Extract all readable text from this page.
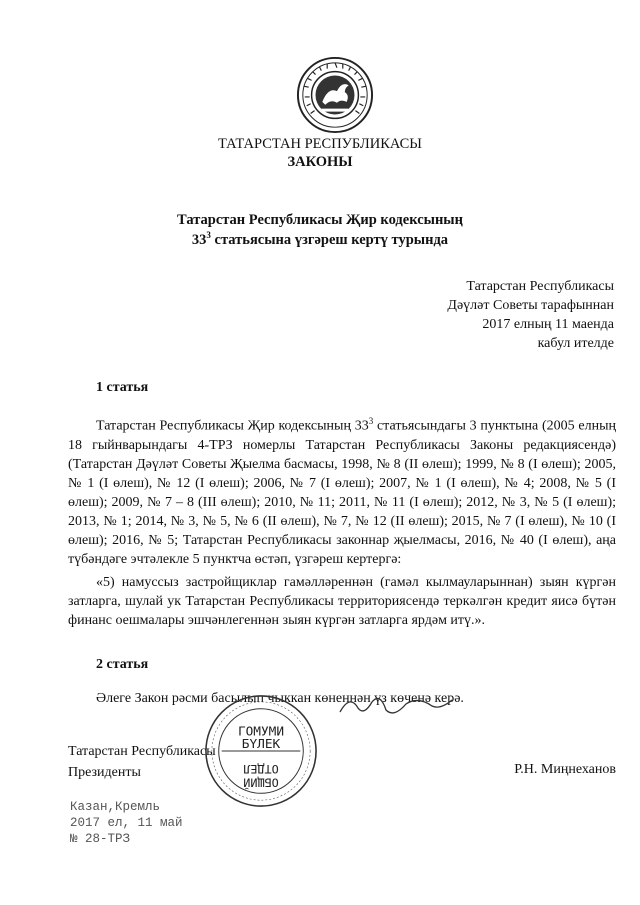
ТАТАРСТАН РЕСПУБЛИКАСЫ
ЗАКОНЫ
Татарстан Республикасы Җир кодексының
$33^3$ статьясына үзгәреш кертү турында
Татарстан Республикасы
Дәүләт Советы тарафыннан
2017 елның 11 маенда
кабул ителде
1 статья

Татарстан Республикасы Җир кодексының $33^3$ статьясындагы 3 пунктына (2005 елның 18 гыйнварындагы 4-ТРЗ номерлы Татарстан Республикасы Законы редакциясендә) (Татарстан Дәүләт Советы Җыелма басмасы, 1998, № 8 (II өлеш); 1999, № 8 (I өлеш); 2005, № 1 (I өлеш), № 12 (I өлеш); 2006, № 7 (I өлеш); 2007, № 1 (I өлеш), № 4; 2008, № 5 (I өлеш); 2009, № 7 – 8 (III өлеш); 2010, № 11; 2011, № 11 (I өлеш); 2012, № 3, № 5 (I өлеш); 2013, № 1; 2014, № 3, № 5, № 6 (II өлеш), № 7, № 12 (II өлеш); 2015, № 7 (I өлеш), № 10 (I өлеш); 2016, № 5; Татарстан Республикасы законнар җыелмасы, 2016, № 40 (I өлеш), аңа түбәндәге эчтәлекле 5 пунктча өстәп, үзгәреш кертергә:

«5) намуссыз застройщиклар гамәлләреннән (гамәл кылмауларыннан) зыян күргән затларга, шулай ук Татарстан Республикасы территориясендә теркәлгән кредит яисә бүтән финанс оешмалары эшчәнлегеннән зыян күргән затларга ярдәм итү.».

2 статья

Әлеге Закон рәсми басылып чыккан көненнән үз көченә керә.

Татарстан Республикасы
Президенты	Р.Н. Миңнеханов
ГОМУМИ
БҮЛЕК
ОТДЕЛ
ОБЩИЙ
Казан,Кремль
2017 ел, 11 май
№ 28-ТРЗ
